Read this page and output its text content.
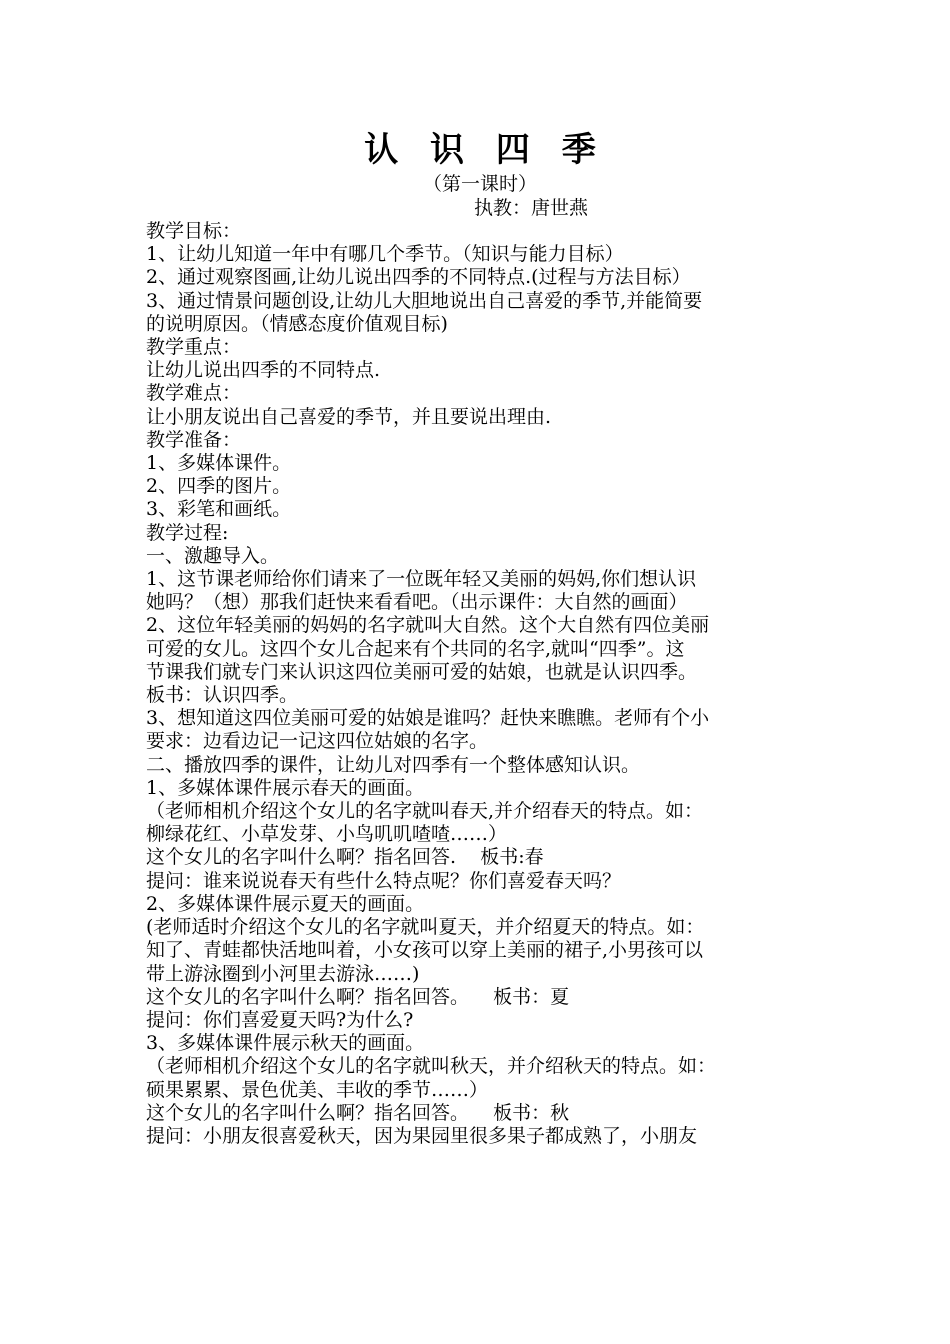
认 识 四 季

（第一课时）

执教：唐世燕

教学目标：

1、让幼儿知道一年中有哪几个季节。（知识与能力目标）

2、通过观察图画,让幼儿说出四季的不同特点.(过程与方法目标）

3、通过情景问题创设,让幼儿大胆地说出自己喜爱的季节,并能简要

的说明原因。（情感态度价值观目标)

教学重点：

让幼儿说出四季的不同特点.

教学难点：

让小朋友说出自己喜爱的季节，并且要说出理由.

教学准备：

1、多媒体课件。

2、四季的图片。

3、彩笔和画纸。

教学过程:

一、激趣导入。

1、这节课老师给你们请来了一位既年轻又美丽的妈妈,你们想认识

她吗？（想）那我们赶快来看看吧。（出示课件：大自然的画面）

2、这位年轻美丽的妈妈的名字就叫大自然。这个大自然有四位美丽

可爱的女儿。这四个女儿合起来有个共同的名字,就叫“四季”。这

节课我们就专门来认识这四位美丽可爱的姑娘，也就是认识四季。

板书：认识四季。

3、想知道这四位美丽可爱的姑娘是谁吗？赶快来瞧瞧。老师有个小

要求：边看边记一记这四位姑娘的名字。

二、播放四季的课件，让幼儿对四季有一个整体感知认识。

1、多媒体课件展示春天的画面。

（老师相机介绍这个女儿的名字就叫春天,并介绍春天的特点。如：

柳绿花红、小草发芽、小鸟叽叽喳喳……）

这个女儿的名字叫什么啊？指名回答.    板书:春

提问：谁来说说春天有些什么特点呢？你们喜爱春天吗？

2、多媒体课件展示夏天的画面。

(老师适时介绍这个女儿的名字就叫夏天，并介绍夏天的特点。如：

知了、青蛙都快活地叫着，小女孩可以穿上美丽的裙子,小男孩可以

带上游泳圈到小河里去游泳……)

这个女儿的名字叫什么啊？指名回答。    板书：夏

提问：你们喜爱夏天吗?为什么?

3、多媒体课件展示秋天的画面。

（老师相机介绍这个女儿的名字就叫秋天，并介绍秋天的特点。如：

硕果累累、景色优美、丰收的季节……）

这个女儿的名字叫什么啊？指名回答。    板书：秋

提问：小朋友很喜爱秋天，因为果园里很多果子都成熟了，小朋友
